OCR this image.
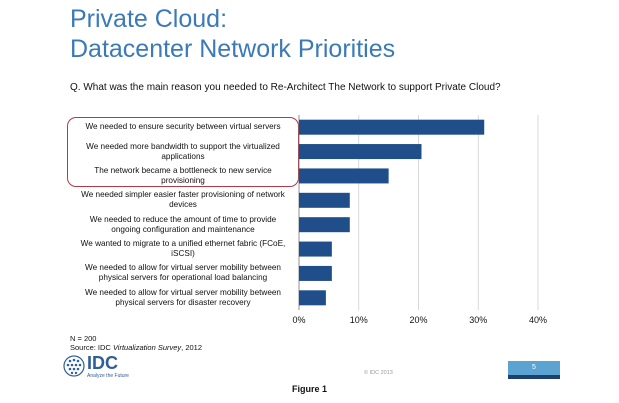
Private Cloud:
Datacenter Network Priorities
Q. What was the main reason you needed to Re-Architect The Network to support Private Cloud?
We needed to ensure security between virtual servers
We needed more bandwidth to support the virtualized
applications
The network became a bottleneck to new service
provisioning
We needed simpler easier faster provisioning of network
devices
We needed to reduce the amount of time to provide
ongoing configuration and maintenance
We wanted to migrate to a unified ethernet fabric (FCoE,
iSCSI)
We needed to allow for virtual server mobility between
physical servers for operational load balancing
We needed to allow for virtual server mobility between
physical servers for disaster recovery
0%	10%	20%	30%	40%
N = 200
Source: IDC Virtualization Survey, 2012
IDC
Analyze the Future	© IDC 2013
5
Figure 1
